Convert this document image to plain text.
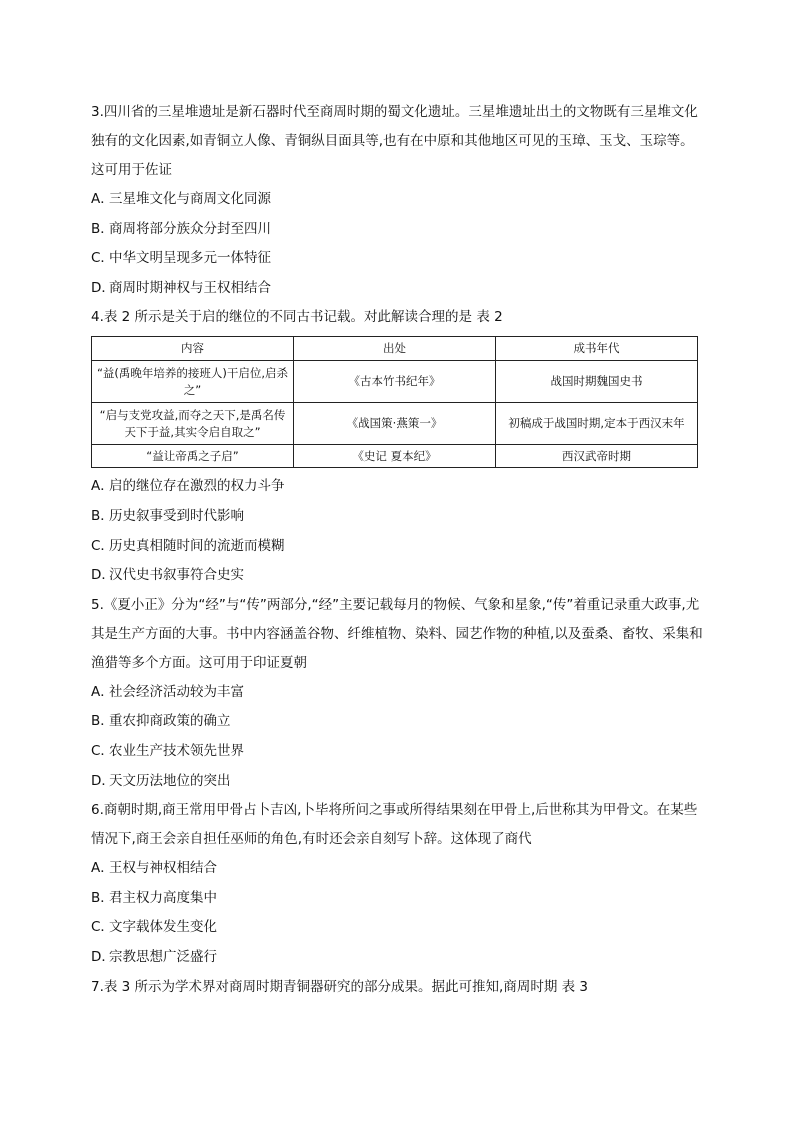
3.四川省的三星堆遗址是新石器时代至商周时期的蜀文化遗址。三星堆遗址出土的文物既有三星堆文化独有的文化因素,如青铜立人像、青铜纵目面具等,也有在中原和其他地区可见的玉璋、玉戈、玉琮等。这可用于佐证

A．三星堆文化与商周文化同源

B．商周将部分族众分封至四川

C．中华文明呈现多元一体特征

D．商周时期神权与王权相结合

4.表 2 所示是关于启的继位的不同古书记载。对此解读合理的是 表 2

内容	出处	成书年代
“益(禹晚年培养的接班人)干启位,启杀之”	《古本竹书纪年》	战国时期魏国史书
“启与支党攻益,而夺之天下,是禹名传天下于益,其实令启自取之”	《战国策·燕策一》	初稿成于战国时期,定本于西汉末年
“益让帝禹之子启”	《史记 夏本纪》	西汉武帝时期

A．启的继位存在激烈的权力斗争

B．历史叙事受到时代影响

C．历史真相随时间的流逝而模糊

D．汉代史书叙事符合史实

5.《夏小正》分为“经”与“传”两部分,“经”主要记载每月的物候、气象和星象,“传”着重记录重大政事,尤其是生产方面的大事。书中内容涵盖谷物、纤维植物、染料、园艺作物的种植,以及蚕桑、畜牧、采集和渔猎等多个方面。这可用于印证夏朝

A．社会经济活动较为丰富

B．重农抑商政策的确立

C．农业生产技术领先世界

D．天文历法地位的突出

6.商朝时期,商王常用甲骨占卜吉凶,卜毕将所问之事或所得结果刻在甲骨上,后世称其为甲骨文。在某些情况下,商王会亲自担任巫师的角色,有时还会亲自刻写卜辞。这体现了商代

A．王权与神权相结合

B．君主权力高度集中

C．文字载体发生变化

D．宗教思想广泛盛行

7.表 3 所示为学术界对商周时期青铜器研究的部分成果。据此可推知,商周时期 表 3
